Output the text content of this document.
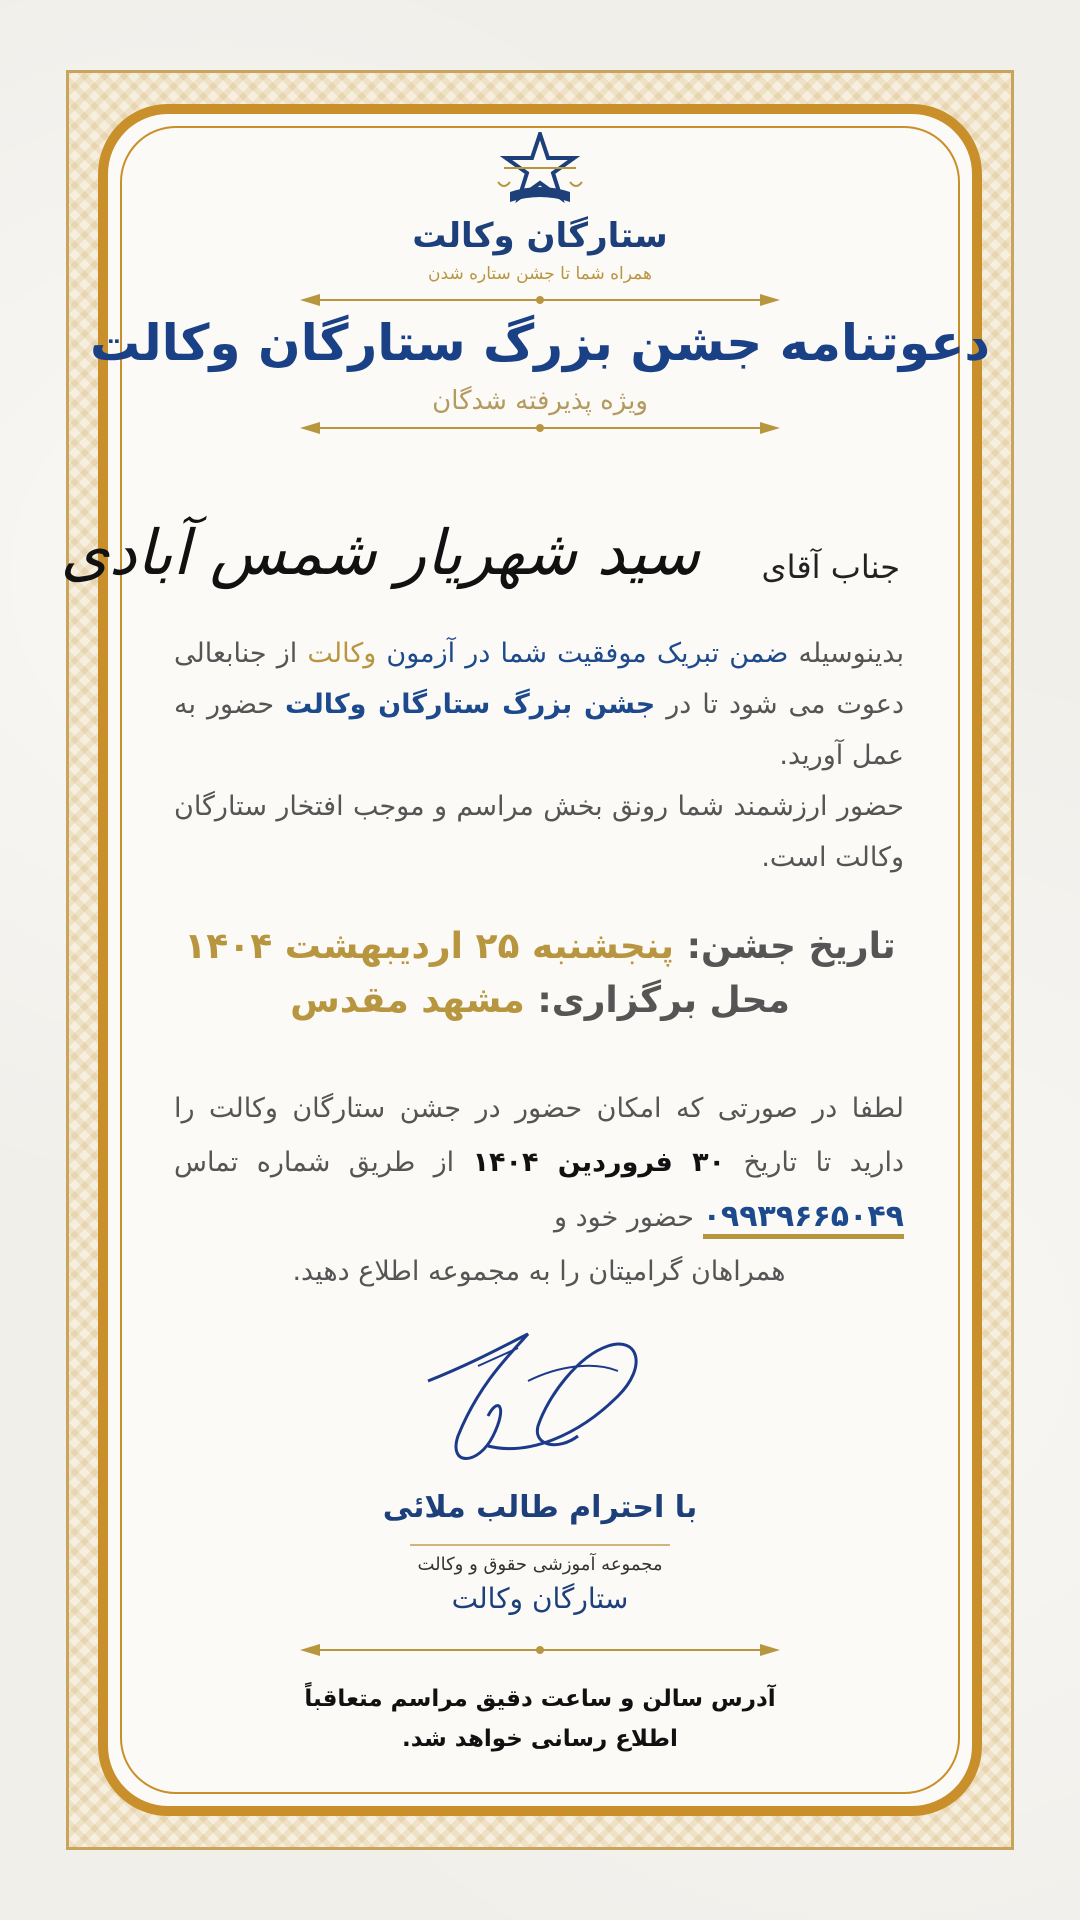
ستارگان وکالت
همراه شما تا جشن ستاره شدن
دعوتنامه جشن بزرگ ستارگان وکالت
ویژه پذیرفته شدگان
جناب آقای
سید شهریار شمس آبادی
بدینوسیله ضمن تبریک موفقیت شما در آزمون وکالت از جنابعالی دعوت می شود تا در جشن بزرگ ستارگان وکالت حضور به عمل آورید.
حضور ارزشمند شما رونق بخش مراسم و موجب افتخار ستارگان وکالت است.
تاریخ جشن: پنجشنبه ۲۵ اردیبهشت ۱۴۰۴
محل برگزاری: مشهد مقدس
لطفا در صورتی که امکان حضور در جشن ستارگان وکالت را دارید تا تاریخ ۳۰ فروردین ۱۴۰۴ از طریق شماره تماس ۰۹۹۳۹۶۶۵۰۴۹ حضور خود و
همراهان گرامیتان را به مجموعه اطلاع دهید.
با احترام طالب ملائی
مجموعه آموزشی حقوق و وکالت
ستارگان وکالت
آدرس سالن و ساعت دقیق مراسم متعاقباً
اطلاع رسانی خواهد شد.
